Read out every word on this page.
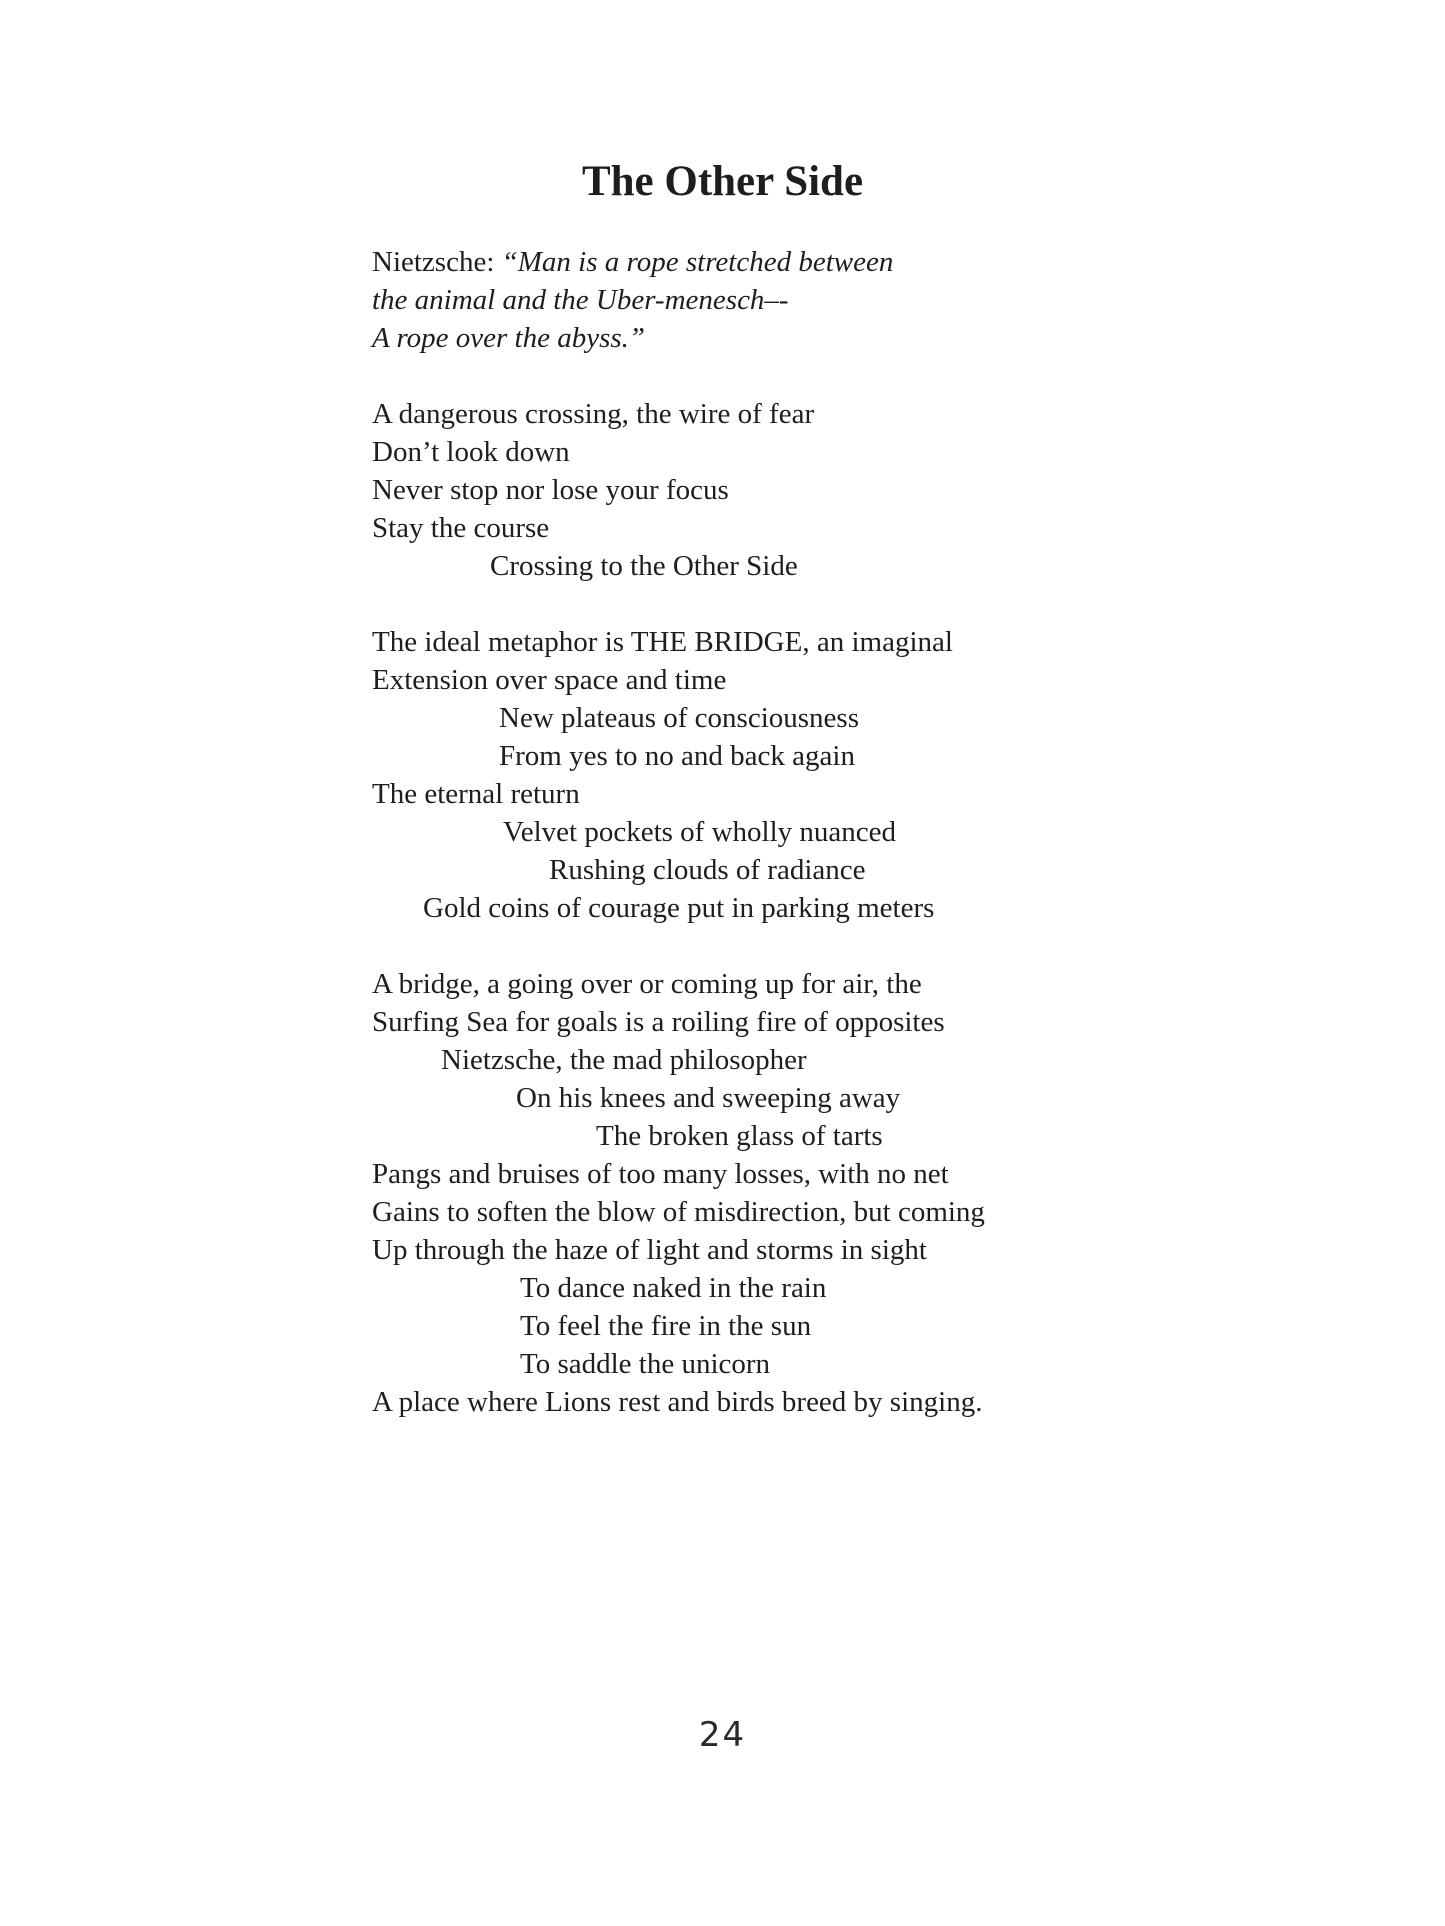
The Other Side
Nietzsche: “Man is a rope stretched between
the animal and the Uber-menesch–-
A rope over the abyss.”
A dangerous crossing, the wire of fear
Don’t look down
Never stop nor lose your focus
Stay the course
Crossing to the Other Side
The ideal metaphor is THE BRIDGE, an imaginal
Extension over space and time
New plateaus of consciousness
From yes to no and back again
The eternal return
Velvet pockets of wholly nuanced
Rushing clouds of radiance
Gold coins of courage put in parking meters
A bridge, a going over or coming up for air, the
Surfing Sea for goals is a roiling fire of opposites
Nietzsche, the mad philosopher
On his knees and sweeping away
The broken glass of tarts
Pangs and bruises of too many losses, with no net
Gains to soften the blow of misdirection, but coming
Up through the haze of light and storms in sight
To dance naked in the rain
To feel the fire in the sun
To saddle the unicorn
A place where Lions rest and birds breed by singing.
24
